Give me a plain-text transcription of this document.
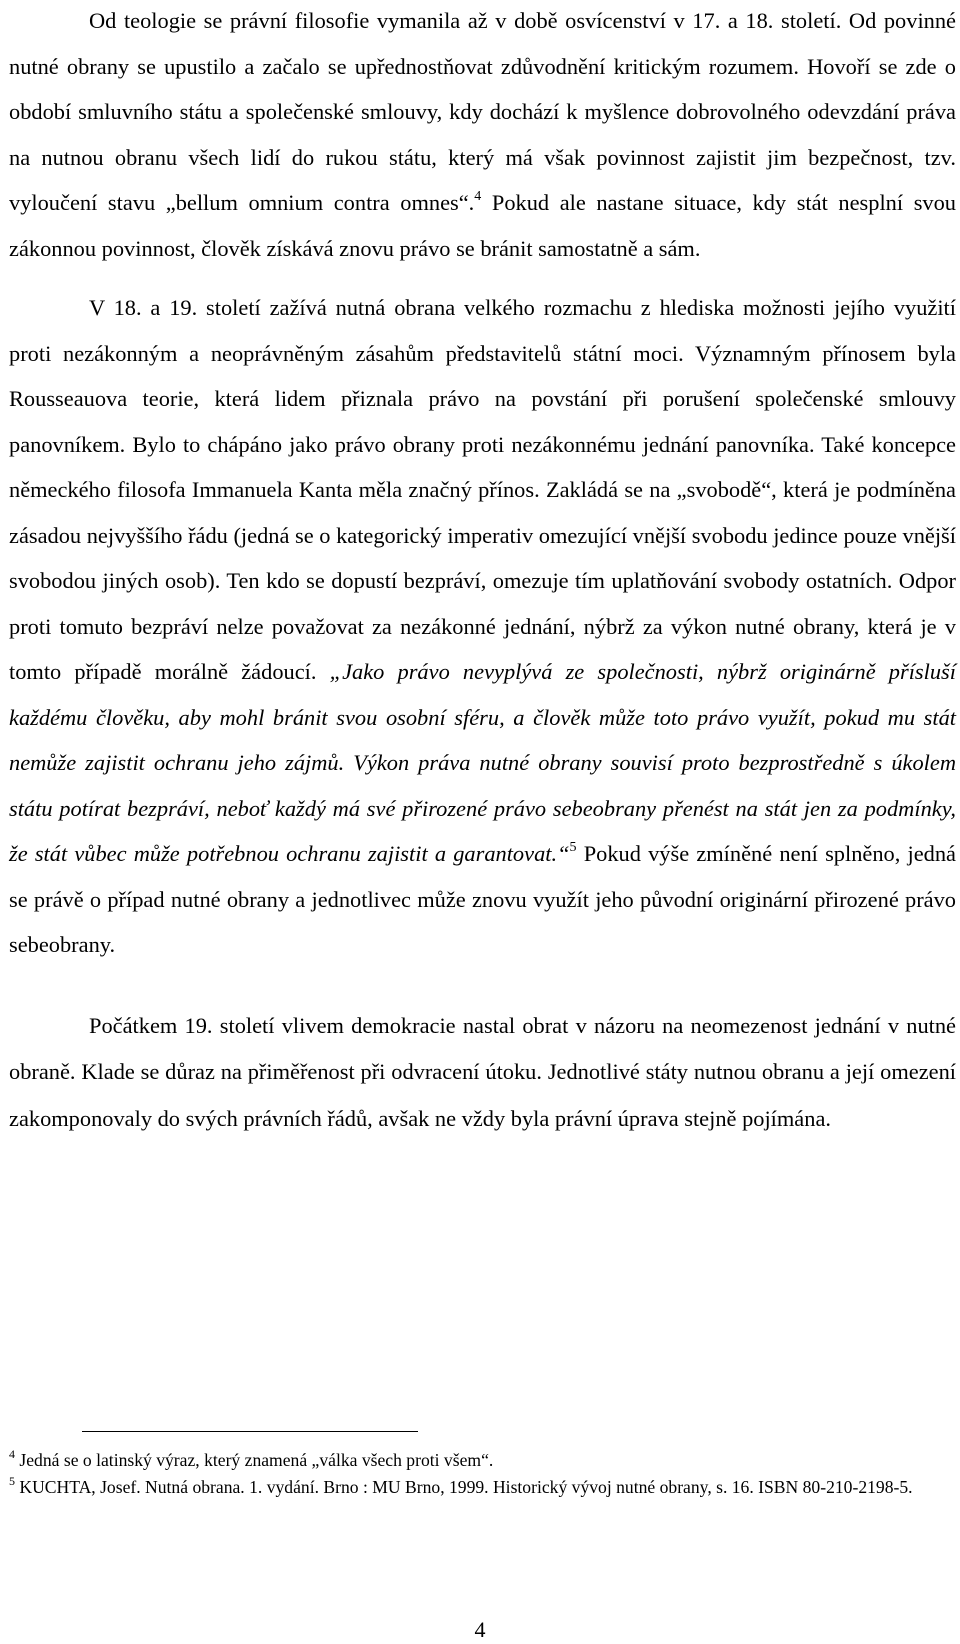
Od teologie se právní filosofie vymanila až v době osvícenství v 17. a 18. století. Od povinné nutné obrany se upustilo a začalo se upřednostňovat zdůvodnění kritickým rozumem. Hovoří se zde o období smluvního státu a společenské smlouvy, kdy dochází k myšlence dobrovolného odevzdání práva na nutnou obranu všech lidí do rukou státu, který má však povinnost zajistit jim bezpečnost, tzv. vyloučení stavu „bellum omnium contra omnes“.$^4$ Pokud ale nastane situace, kdy stát nesplní svou zákonnou povinnost, člověk získává znovu právo se bránit samostatně a sám.

V 18. a 19. století zažívá nutná obrana velkého rozmachu z hlediska možnosti jejího využití proti nezákonným a neoprávněným zásahům představitelů státní moci. Významným přínosem byla Rousseauova teorie, která lidem přiznala právo na povstání při porušení společenské smlouvy panovníkem. Bylo to chápáno jako právo obrany proti nezákonnému jednání panovníka. Také koncepce německého filosofa Immanuela Kanta měla značný přínos. Zakládá se na „svobodě“, která je podmíněna zásadou nejvyššího řádu (jedná se o kategorický imperativ omezující vnější svobodu jedince pouze vnější svobodou jiných osob). Ten kdo se dopustí bezpráví, omezuje tím uplatňování svobody ostatních. Odpor proti tomuto bezpráví nelze považovat za nezákonné jednání, nýbrž za výkon nutné obrany, která je v tomto případě morálně žádoucí. „Jako právo nevyplývá ze společnosti, nýbrž originárně přísluší každému člověku, aby mohl bránit svou osobní sféru, a člověk může toto právo využít, pokud mu stát nemůže zajistit ochranu jeho zájmů. Výkon práva nutné obrany souvisí proto bezprostředně s úkolem státu potírat bezpráví, neboť každý má své přirozené právo sebeobrany přenést na stát jen za podmínky, že stát vůbec může potřebnou ochranu zajistit a garantovat.“$^5$ Pokud výše zmíněné není splněno, jedná se právě o případ nutné obrany a jednotlivec může znovu využít jeho původní originární přirozené právo sebeobrany.

Počátkem 19. století vlivem demokracie nastal obrat v názoru na neomezenost jednání v nutné obraně. Klade se důraz na přiměřenost při odvracení útoku. Jednotlivé státy nutnou obranu a její omezení zakomponovaly do svých právních řádů, avšak ne vždy byla právní úprava stejně pojímána.

$^4$ Jedná se o latinský výraz, který znamená „válka všech proti všem“.

$^5$ KUCHTA, Josef. Nutná obrana. 1. vydání. Brno : MU Brno, 1999. Historický vývoj nutné obrany, s. 16. ISBN 80-210-2198-5.

4
